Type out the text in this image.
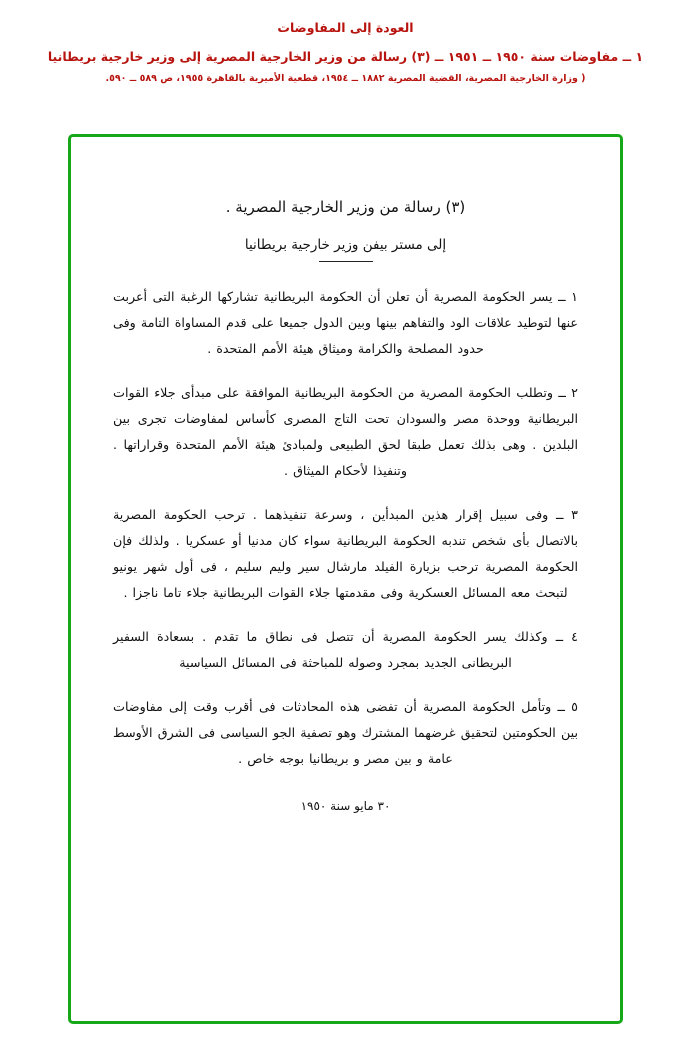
العودة إلى المفاوضات
١ ــ مفاوضات سنة ١٩٥٠ ــ ١٩٥١ ــ (٣) رسالة من وزير الخارجية المصرية إلى وزير خارجية بريطانيا
( وزارة الخارجية المصرية، القضية المصرية ١٨٨٢ ــ ١٩٥٤، قطعية الأميرية بالقاهرة ١٩٥٥، ص ٥٨٩ ــ ٥٩٠.
(٣) رسالة من وزير الخارجية المصرية .
إلى مستر بيفن وزير خارجية بريطانيا

١ ــ يسر الحكومة المصرية أن تعلن أن الحكومة البريطانية تشاركها الرغبة التى أعربت عنها لتوطيد علاقات الود والتفاهم بينها وبين الدول جميعا على قدم المساواة التامة وفى حدود المصلحة والكرامة وميثاق هيئة الأمم المتحدة .

٢ ــ وتطلب الحكومة المصرية من الحكومة البريطانية الموافقة على مبدأى جلاء القوات البريطانية ووحدة مصر والسودان تحت التاج المصرى كأساس لمفاوضات تجرى بين البلدين . وهى بذلك تعمل طبقا لحق الطبيعى ولمبادئ هيئة الأمم المتحدة وقراراتها . وتنفيذا لأحكام الميثاق .

٣ ــ وفى سبيل إقرار هذين المبدأين ، وسرعة تنفيذهما . ترحب الحكومة المصرية بالاتصال بأى شخص تندبه الحكومة البريطانية سواء كان مدنيا أو عسكريا . ولذلك فإن الحكومة المصرية ترحب بزيارة الفيلد مارشال سير وليم سليم ، فى أول شهر يونيو لتبحث معه المسائل العسكرية وفى مقدمتها جلاء القوات البريطانية جلاء تاما ناجزا .

٤ ــ وكذلك يسر الحكومة المصرية أن تتصل فى نطاق ما تقدم . بسعادة السفير البريطانى الجديد بمجرد وصوله للمباحثة فى المسائل السياسية

٥ ــ وتأمل الحكومة المصرية أن تفضى هذه المحادثات فى أقرب وقت إلى مفاوضات بين الحكومتين لتحقيق غرضهما المشترك وهو تصفية الجو السياسى فى الشرق الأوسط عامة و بين مصر و بريطانيا بوجه خاص .

٣٠ مايو سنة ١٩٥٠
